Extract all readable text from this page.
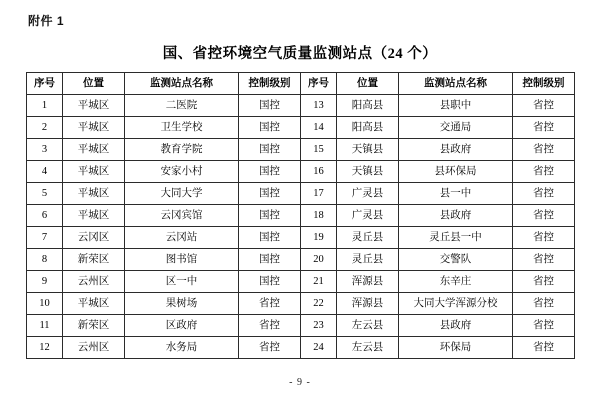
附件 1
国、省控环境空气质量监测站点（24 个）
序号	位置	监测站点名称	控制级别	序号	位置	监测站点名称	控制级别
1	平城区	二医院	国控	13	阳高县	县职中	省控
2	平城区	卫生学校	国控	14	阳高县	交通局	省控
3	平城区	教育学院	国控	15	天镇县	县政府	省控
4	平城区	安家小村	国控	16	天镇县	县环保局	省控
5	平城区	大同大学	国控	17	广灵县	县一中	省控
6	平城区	云冈宾馆	国控	18	广灵县	县政府	省控
7	云冈区	云冈站	国控	19	灵丘县	灵丘县一中	省控
8	新荣区	图书馆	国控	20	灵丘县	交警队	省控
9	云州区	区一中	国控	21	浑源县	东辛庄	省控
10	平城区	果树场	省控	22	浑源县	大同大学浑源分校	省控
11	新荣区	区政府	省控	23	左云县	县政府	省控
12	云州区	水务局	省控	24	左云县	环保局	省控
- 9 -
